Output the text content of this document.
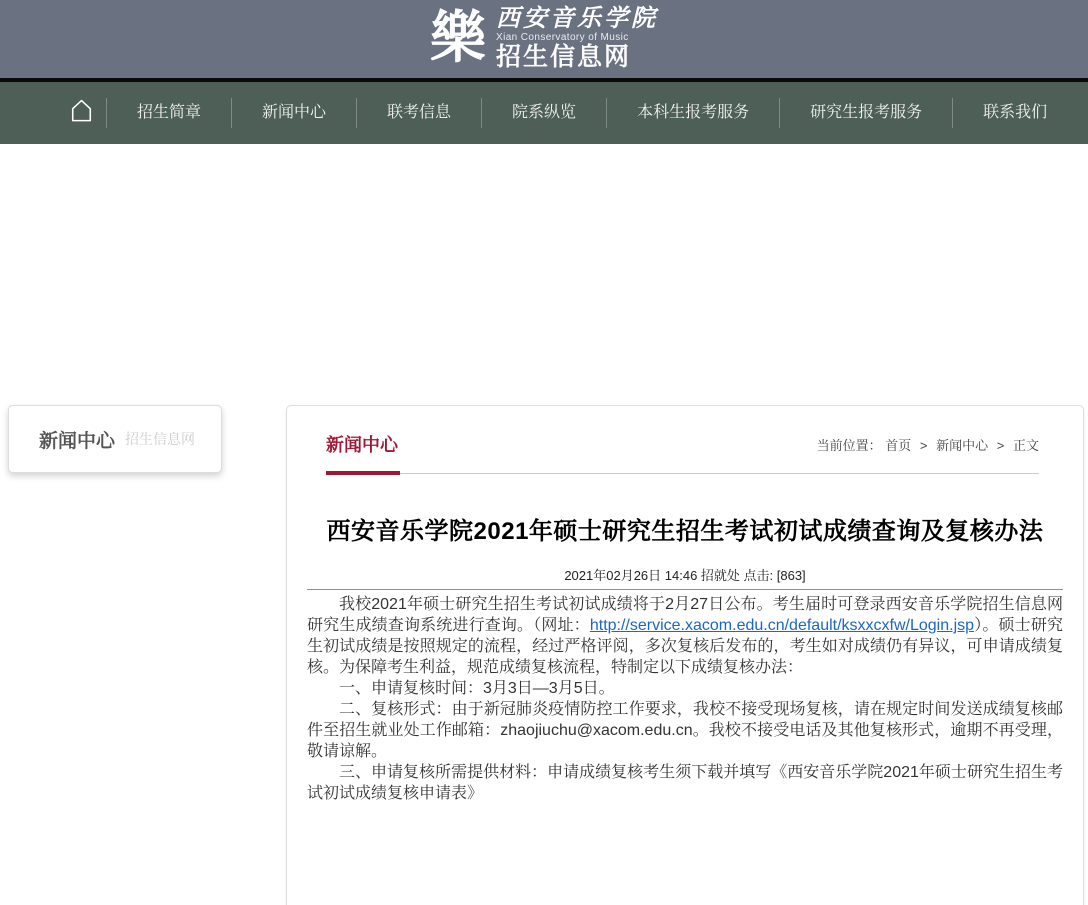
樂 西安音乐学院
Xian Conservatory of Music
招生信息网
招生简章	新闻中心	联考信息	院系纵览	本科生报考服务	研究生报考服务	联系我们
新闻中心 招生信息网	新闻中心	当前位置： 首页 > 新闻中心 > 正文
西安音乐学院2021年硕士研究生招生考试初试成绩查询及复核办法
2021年02月26日 14:46 招就处 点击: [863]

我校2021年硕士研究生招生考试初试成绩将于2月27日公布。考生届时可登录西安音乐学院招生信息网研究生成绩查询系统进行查询。（网址：http://service.xacom.edu.cn/default/ksxxcxfw/Login.jsp）。硕士研究生初试成绩是按照规定的流程，经过严格评阅，多次复核后发布的，考生如对成绩仍有异议，可申请成绩复核。为保障考生利益，规范成绩复核流程，特制定以下成绩复核办法：

一、申请复核时间：3月3日—3月5日。

二、复核形式：由于新冠肺炎疫情防控工作要求，我校不接受现场复核，请在规定时间发送成绩复核邮件至招生就业处工作邮箱：zhaojiuchu@xacom.edu.cn。我校不接受电话及其他复核形式，逾期不再受理，敬请谅解。

三、申请复核所需提供材料：申请成绩复核考生须下载并填写《西安音乐学院2021年硕士研究生招生考试初试成绩复核申请表》
